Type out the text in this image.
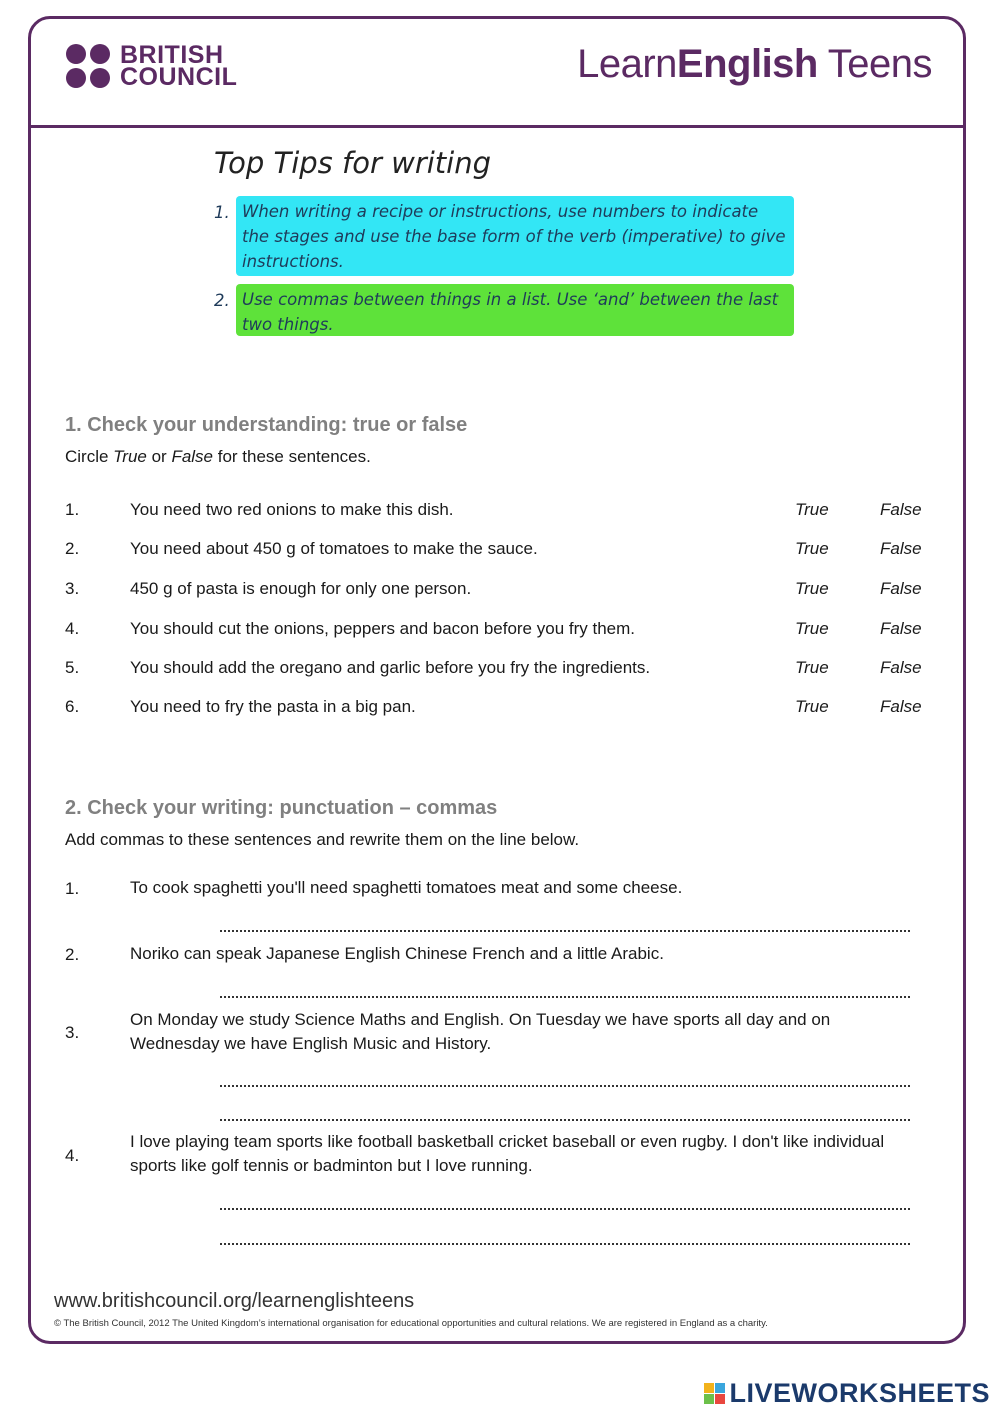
BRITISH
COUNCIL	LearnEnglish Teens
Top Tips for writing
1. When writing a recipe or instructions, use numbers to indicate the stages and use the base form of the verb (imperative) to give instructions.
2. Use commas between things in a list. Use ‘and’ between the last two things.
1. Check your understanding: true or false
Circle True or False for these sentences.
1.	You need two red onions to make this dish.	True	False
2.	You need about 450 g of tomatoes to make the sauce.	True	False
3.	450 g of pasta is enough for only one person.	True	False
4.	You should cut the onions, peppers and bacon before you fry them.	True	False
5.	You should add the oregano and garlic before you fry the ingredients.	True	False
6.	You need to fry the pasta in a big pan.	True	False
2. Check your writing: punctuation – commas
Add commas to these sentences and rewrite them on the line below.
1.	To cook spaghetti you'll need spaghetti tomatoes meat and some cheese.
2.	Noriko can speak Japanese English Chinese French and a little Arabic.
3.
On Monday we study Science Maths and English. On Tuesday we have sports all day and on Wednesday we have English Music and History.
4.
I love playing team sports like football basketball cricket baseball or even rugby. I don't like individual sports like golf tennis or badminton but I love running.
www.britishcouncil.org/learnenglishteens
© The British Council, 2012 The United Kingdom’s international organisation for educational opportunities and cultural relations. We are registered in England as a charity.
LIVEWORKSHEETS
